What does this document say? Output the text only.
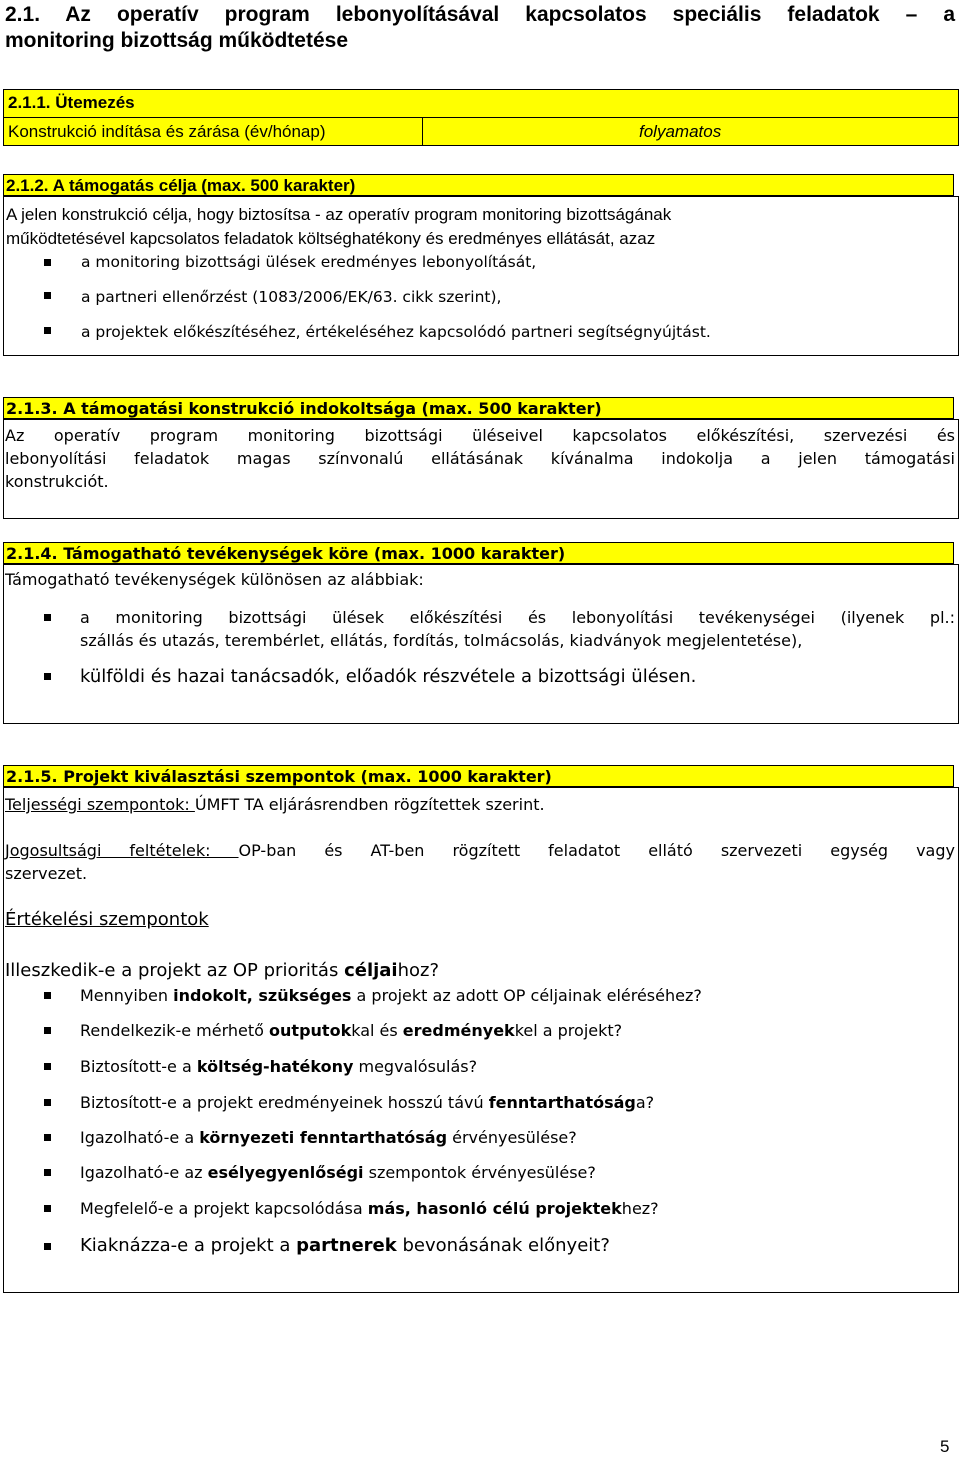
2.1. Az operatív program lebonyolításával kapcsolatos speciális feladatok – a
monitoring bizottság működtetése
2.1.1. Ütemezés
Konstrukció indítása és zárása (év/hónap)	folyamatos
2.1.2. A támogatás célja (max. 500 karakter)
A jelen konstrukció célja, hogy biztosítsa - az operatív program monitoring bizottságának
működtetésével kapcsolatos feladatok költséghatékony és eredményes ellátását, azaz
a monitoring bizottsági ülések eredményes lebonyolítását,
a partneri ellenőrzést (1083/2006/EK/63. cikk szerint),
a projektek előkészítéséhez, értékeléséhez kapcsolódó partneri segítségnyújtást.
2.1.3. A támogatási konstrukció indokoltsága (max. 500 karakter)
Az operatív program monitoring bizottsági üléseivel kapcsolatos előkészítési, szervezési és
lebonyolítási feladatok magas színvonalú ellátásának kívánalma indokolja a jelen támogatási
konstrukciót.
2.1.4. Támogatható tevékenységek köre (max. 1000 karakter)
Támogatható tevékenységek különösen az alábbiak:
a monitoring bizottsági ülések előkészítési és lebonyolítási tevékenységei (ilyenek pl.:
szállás és utazás, terembérlet, ellátás, fordítás, tolmácsolás, kiadványok megjelentetése),
külföldi és hazai tanácsadók, előadók részvétele a bizottsági ülésen.
2.1.5. Projekt kiválasztási szempontok (max. 1000 karakter)
Teljességi szempontok: ÚMFT TA eljárásrendben rögzítettek szerint.
Jogosultsági feltételek: OP-ban és AT-ben rögzített feladatot ellátó szervezeti egység vagy
szervezet.
Értékelési szempontok
Illeszkedik-e a projekt az OP prioritás céljaihoz?
Mennyiben indokolt, szükséges a projekt az adott OP céljainak eléréséhez?
Rendelkezik-e mérhető outputokkal és eredményekkel a projekt?
Biztosított-e a költség-hatékony megvalósulás?
Biztosított-e a projekt eredményeinek hosszú távú fenntarthatósága?
Igazolható-e a környezeti fenntarthatóság érvényesülése?
Igazolható-e az esélyegyenlőségi szempontok érvényesülése?
Megfelelő-e a projekt kapcsolódása más, hasonló célú projektekhez?
Kiaknázza-e a projekt a partnerek bevonásának előnyeit?
5
